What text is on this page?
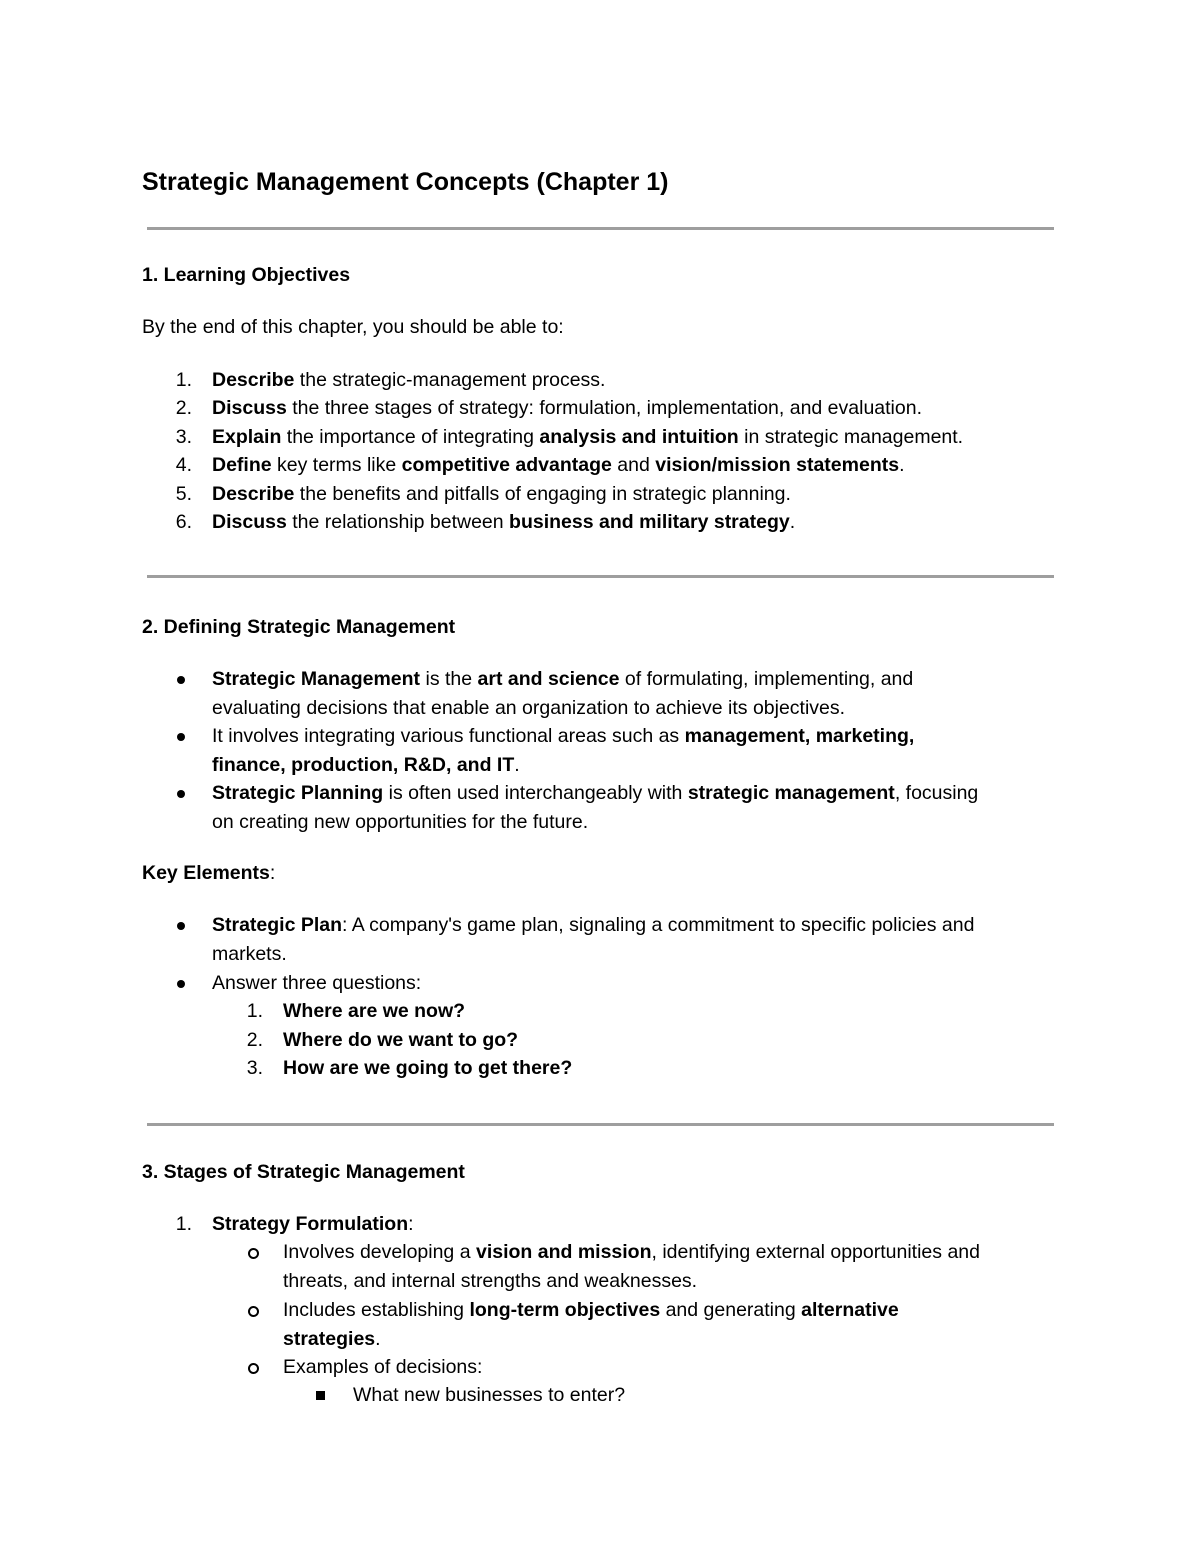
Strategic Management Concepts (Chapter 1)
1. Learning Objectives
By the end of this chapter, you should be able to:
1. Describe the strategic-management process.
2. Discuss the three stages of strategy: formulation, implementation, and evaluation.
3. Explain the importance of integrating analysis and intuition in strategic management.
4. Define key terms like competitive advantage and vision/mission statements.
5. Describe the benefits and pitfalls of engaging in strategic planning.
6. Discuss the relationship between business and military strategy.
2. Defining Strategic Management
Strategic Management is the art and science of formulating, implementing, and
evaluating decisions that enable an organization to achieve its objectives.
It involves integrating various functional areas such as management, marketing,
finance, production, R&D, and IT.
Strategic Planning is often used interchangeably with strategic management, focusing
on creating new opportunities for the future.
Key Elements:
Strategic Plan: A company's game plan, signaling a commitment to specific policies and
markets.
Answer three questions:
1. Where are we now?
2. Where do we want to go?
3. How are we going to get there?
3. Stages of Strategic Management
1. Strategy Formulation:
Involves developing a vision and mission, identifying external opportunities and
threats, and internal strengths and weaknesses.
Includes establishing long-term objectives and generating alternative
strategies.
Examples of decisions:
What new businesses to enter?
